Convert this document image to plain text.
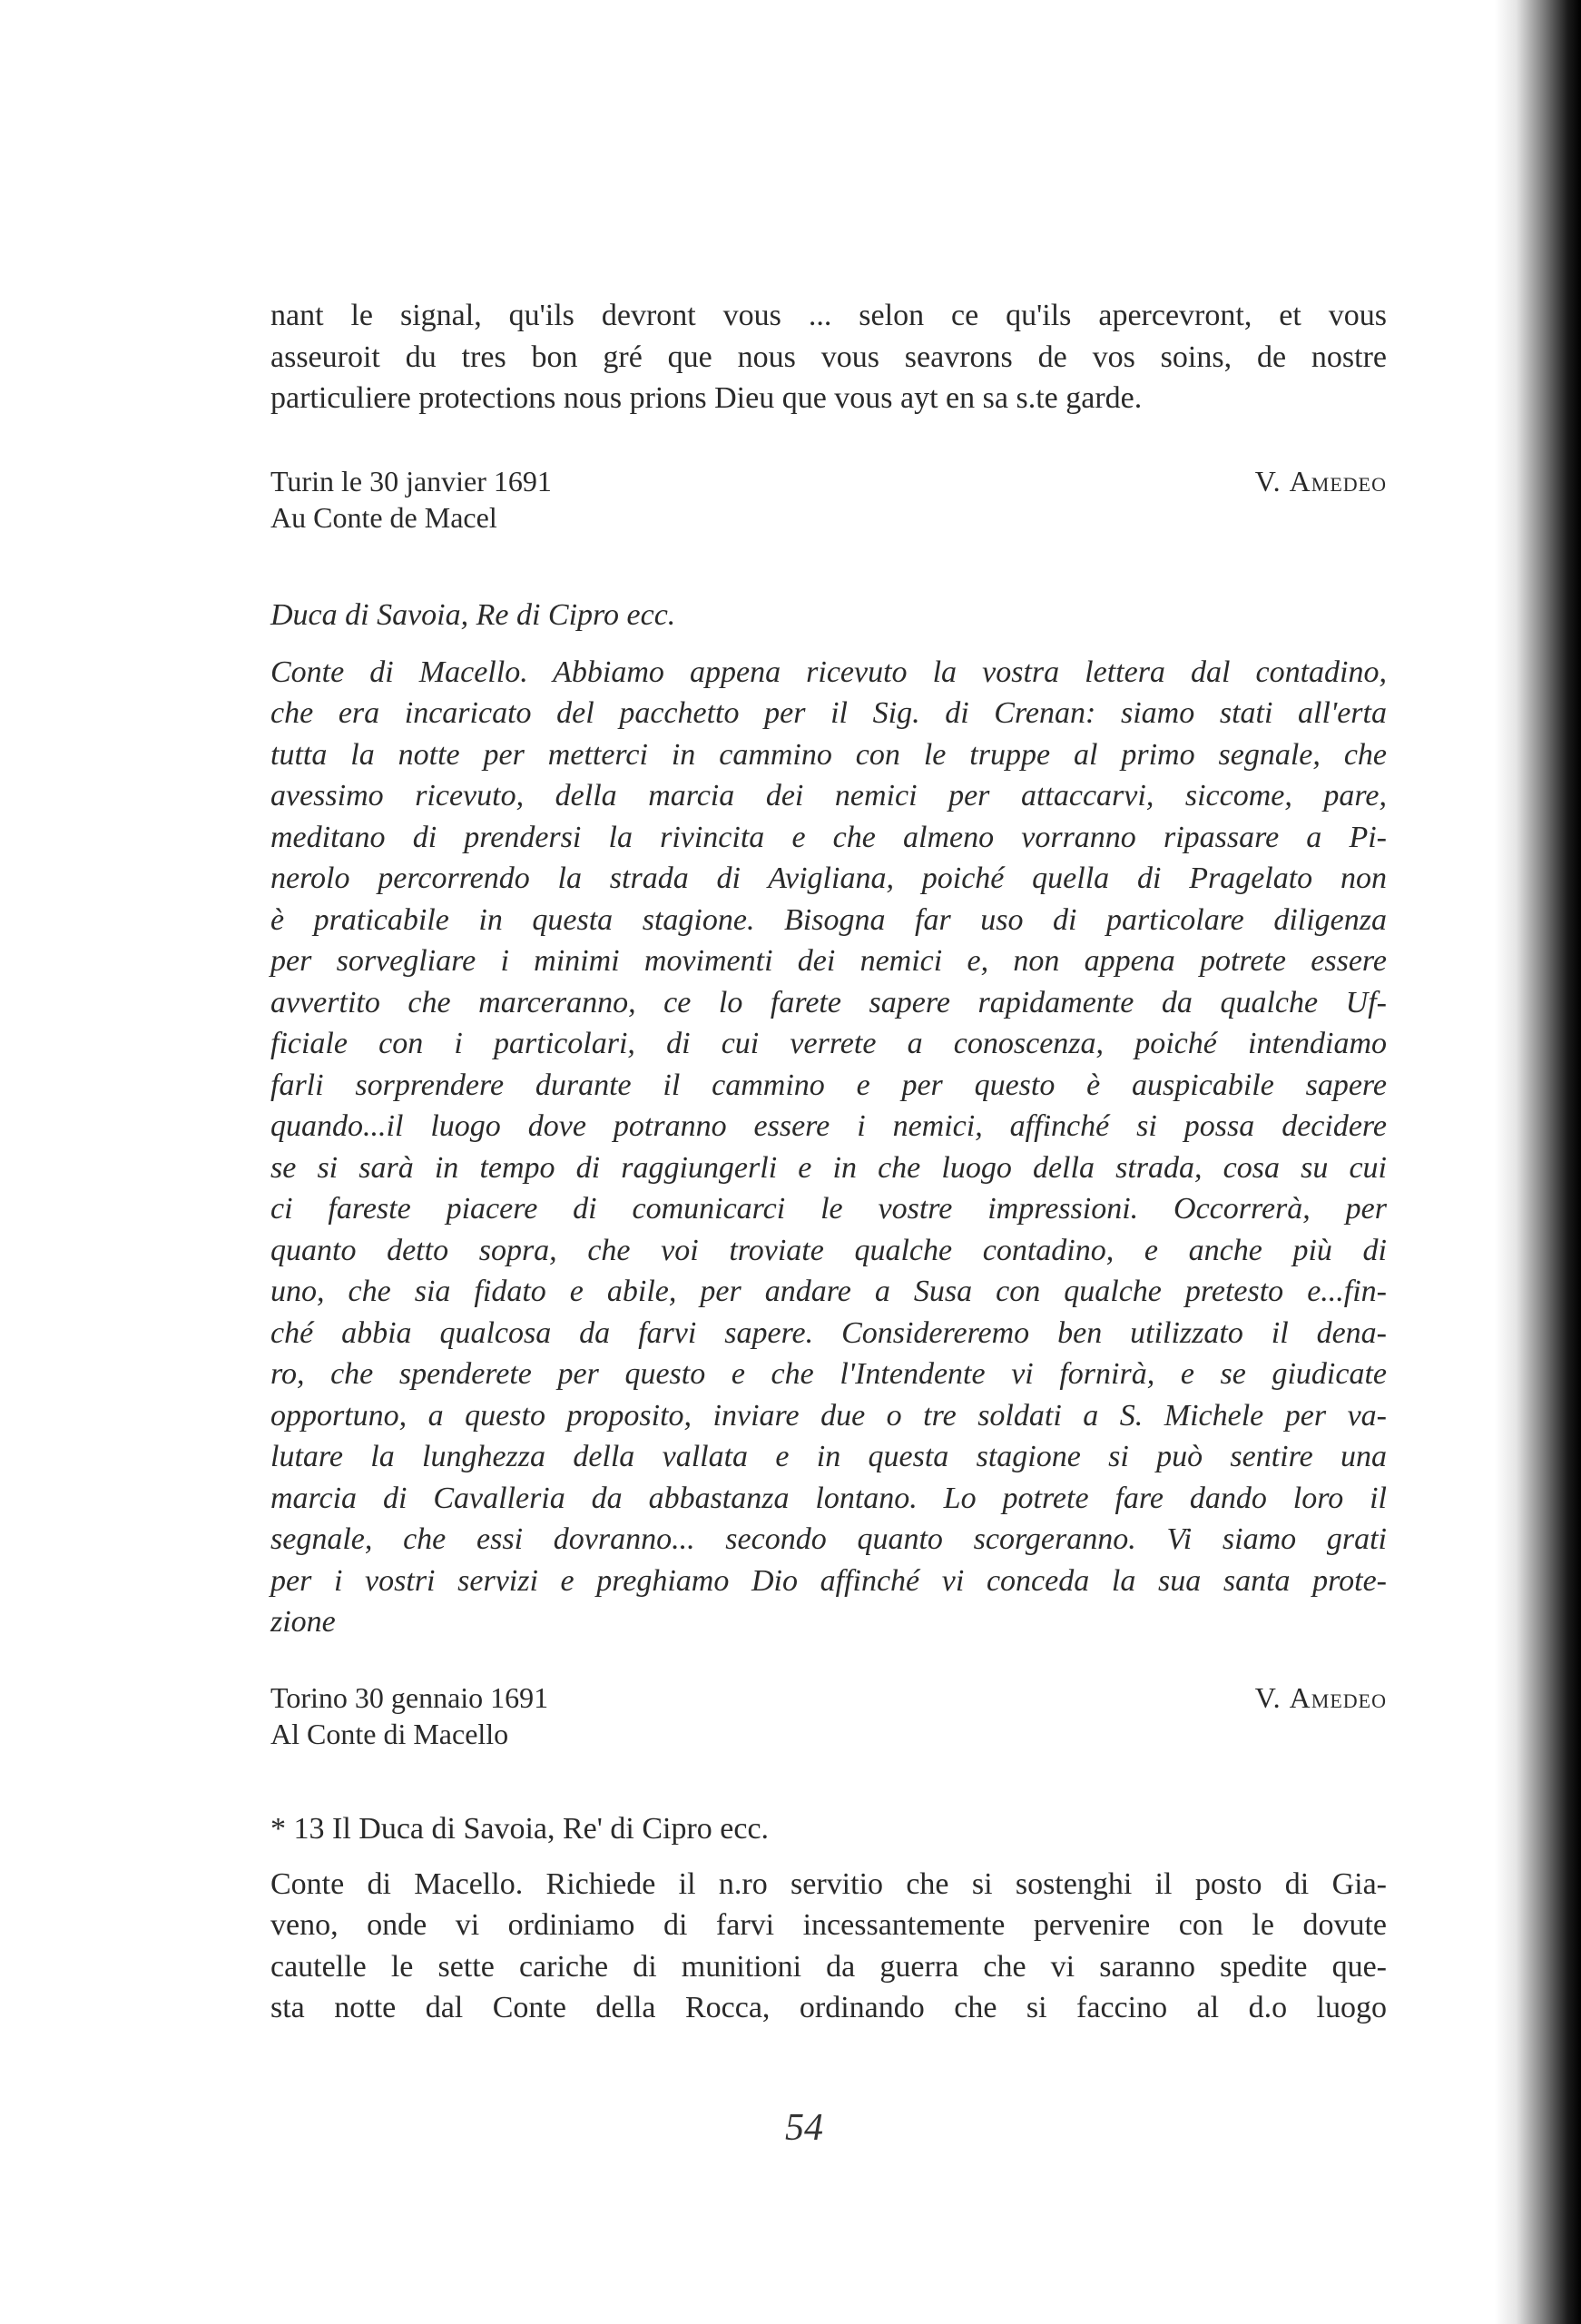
nant le signal, qu'ils devront vous ... selon ce qu'ils apercevront, et vous
asseuroit du tres bon gré que nous vous seavrons de vos soins, de nostre
particuliere protections nous prions Dieu que vous ayt en sa s.te garde.
Turin le 30 janvier 1691
Au Conte de Macel
V. Amedeo

Duca di Savoia, Re di Cipro ecc.

Conte di Macello. Abbiamo appena ricevuto la vostra lettera dal contadino,
che era incaricato del pacchetto per il Sig. di Crenan: siamo stati all'erta
tutta la notte per metterci in cammino con le truppe al primo segnale, che
avessimo ricevuto, della marcia dei nemici per attaccarvi, siccome, pare,
meditano di prendersi la rivincita e che almeno vorranno ripassare a Pi-
nerolo percorrendo la strada di Avigliana, poiché quella di Pragelato non
è praticabile in questa stagione. Bisogna far uso di particolare diligenza
per sorvegliare i minimi movimenti dei nemici e, non appena potrete essere
avvertito che marceranno, ce lo farete sapere rapidamente da qualche Uf-
ficiale con i particolari, di cui verrete a conoscenza, poiché intendiamo
farli sorprendere durante il cammino e per questo è auspicabile sapere
quando...il luogo dove potranno essere i nemici, affinché si possa decidere
se si sarà in tempo di raggiungerli e in che luogo della strada, cosa su cui
ci fareste piacere di comunicarci le vostre impressioni. Occorrerà, per
quanto detto sopra, che voi troviate qualche contadino, e anche più di
uno, che sia fidato e abile, per andare a Susa con qualche pretesto e...fin-
ché abbia qualcosa da farvi sapere. Considereremo ben utilizzato il dena-
ro, che spenderete per questo e che l'Intendente vi fornirà, e se giudicate
opportuno, a questo proposito, inviare due o tre soldati a S. Michele per va-
lutare la lunghezza della vallata e in questa stagione si può sentire una
marcia di Cavalleria da abbastanza lontano. Lo potrete fare dando loro il
segnale, che essi dovranno... secondo quanto scorgeranno. Vi siamo grati
per i vostri servizi e preghiamo Dio affinché vi conceda la sua santa prote-
zione
Torino 30 gennaio 1691
Al Conte di Macello
V. Amedeo

* 13 Il Duca di Savoia, Re' di Cipro ecc.

Conte di Macello. Richiede il n.ro servitio che si sostenghi il posto di Gia-
veno, onde vi ordiniamo di farvi incessantemente pervenire con le dovute
cautelle le sette cariche di munitioni da guerra che vi saranno spedite que-
sta notte dal Conte della Rocca, ordinando che si faccino al d.o luogo
54
